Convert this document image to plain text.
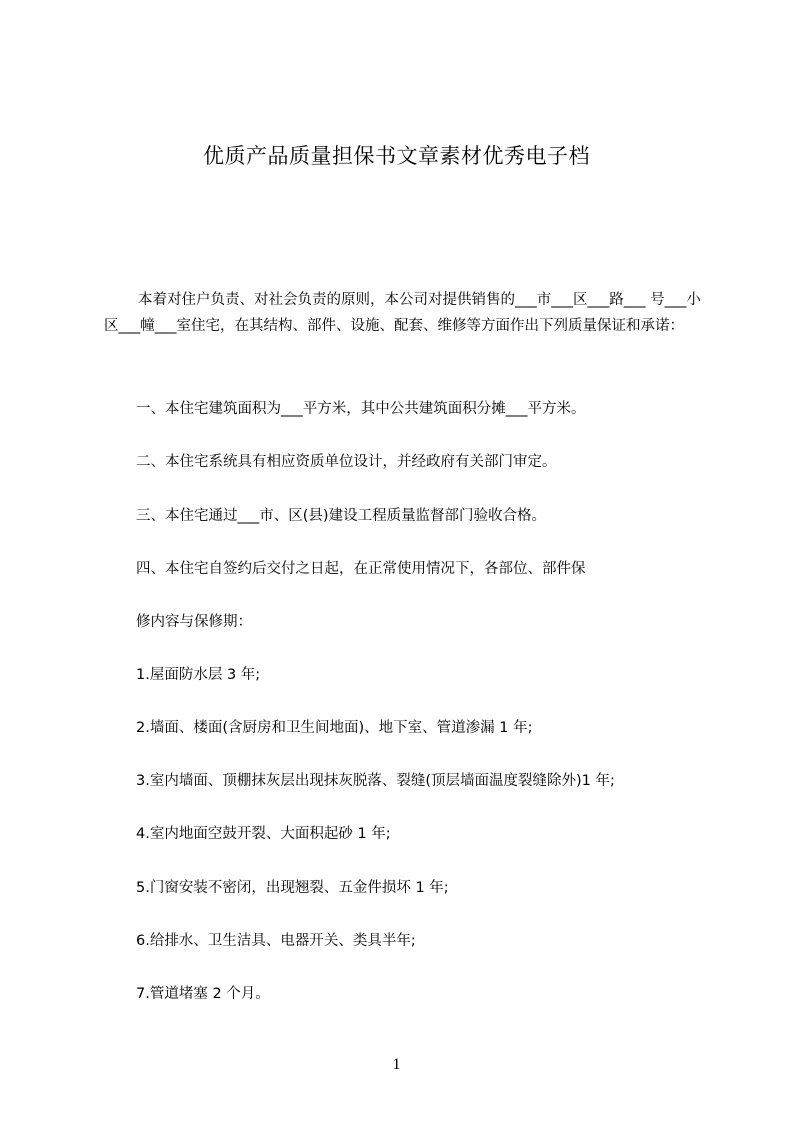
优质产品质量担保书文章素材优秀电子档
本着对住户负责、对社会负责的原则，本公司对提供销售的___市___区___路___ 号___小区___幢___室住宅，在其结构、部件、设施、配套、维修等方面作出下列质量保证和承诺：
一、本住宅建筑面积为___平方米，其中公共建筑面积分摊___平方米。
二、本住宅系统具有相应资质单位设计，并经政府有关部门审定。
三、本住宅通过___市、区(县)建设工程质量监督部门验收合格。
四、本住宅自签约后交付之日起，在正常使用情况下，各部位、部件保
修内容与保修期：
1.屋面防水层 3 年;
2.墙面、楼面(含厨房和卫生间地面)、地下室、管道渗漏 1 年;
3.室内墙面、顶棚抹灰层出现抹灰脱落、裂缝(顶层墙面温度裂缝除外)1 年;
4.室内地面空鼓开裂、大面积起砂 1 年;
5.门窗安装不密闭，出现翘裂、五金件损坏 1 年;
6.给排水、卫生洁具、电器开关、类具半年;
7.管道堵塞 2 个月。
1
